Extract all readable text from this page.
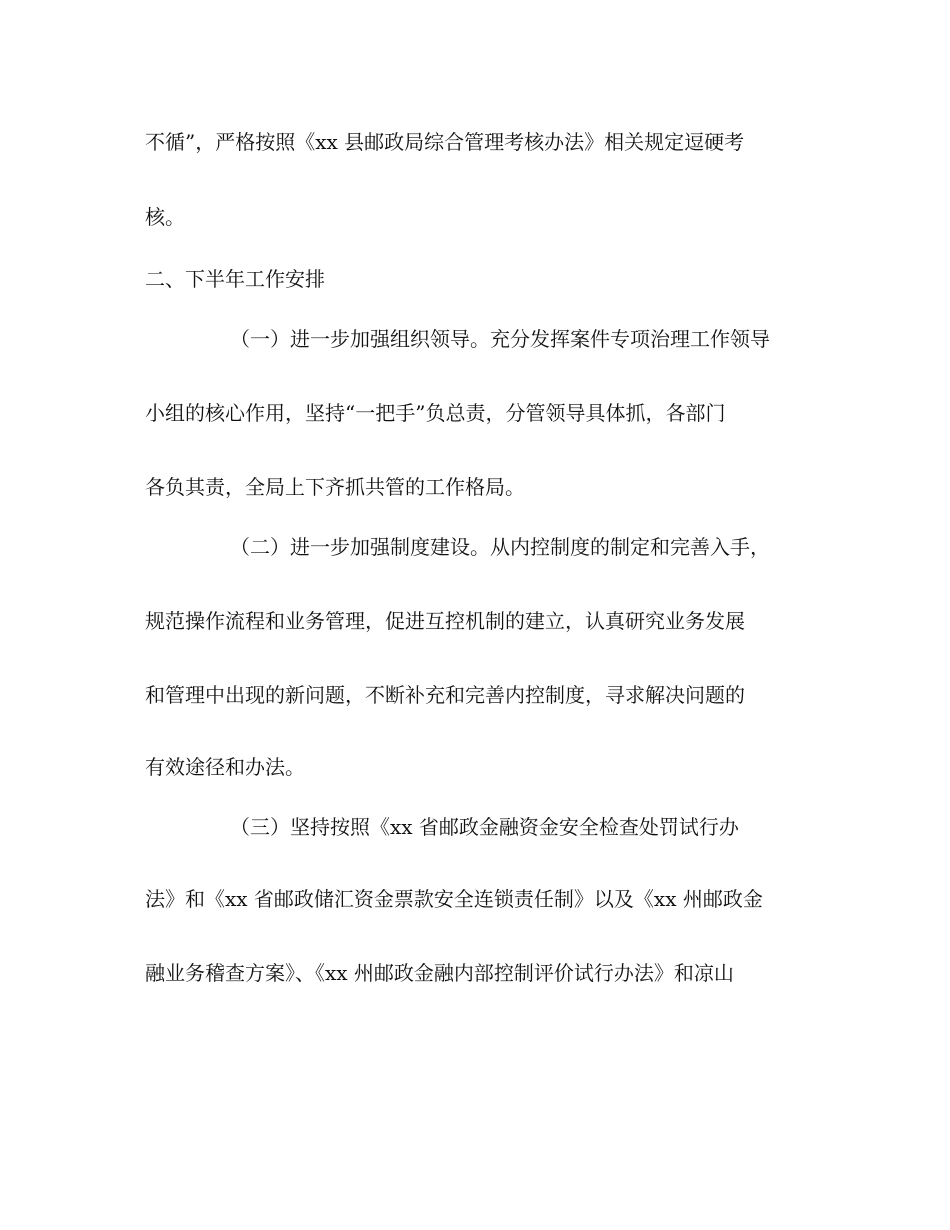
不循”，严格按照《xx 县邮政局综合管理考核办法》相关规定逗硬考
核。
二、下半年工作安排
（一）进一步加强组织领导。充分发挥案件专项治理工作领导
小组的核心作用，坚持“一把手”负总责，分管领导具体抓，各部门
各负其责，全局上下齐抓共管的工作格局。
（二）进一步加强制度建设。从内控制度的制定和完善入手，
规范操作流程和业务管理，促进互控机制的建立，认真研究业务发展
和管理中出现的新问题，不断补充和完善内控制度，寻求解决问题的
有效途径和办法。
（三）坚持按照《xx 省邮政金融资金安全检查处罚试行办
法》和《xx 省邮政储汇资金票款安全连锁责任制》以及《xx 州邮政金
融业务稽查方案》、《xx 州邮政金融内部控制评价试行办法》和凉山
